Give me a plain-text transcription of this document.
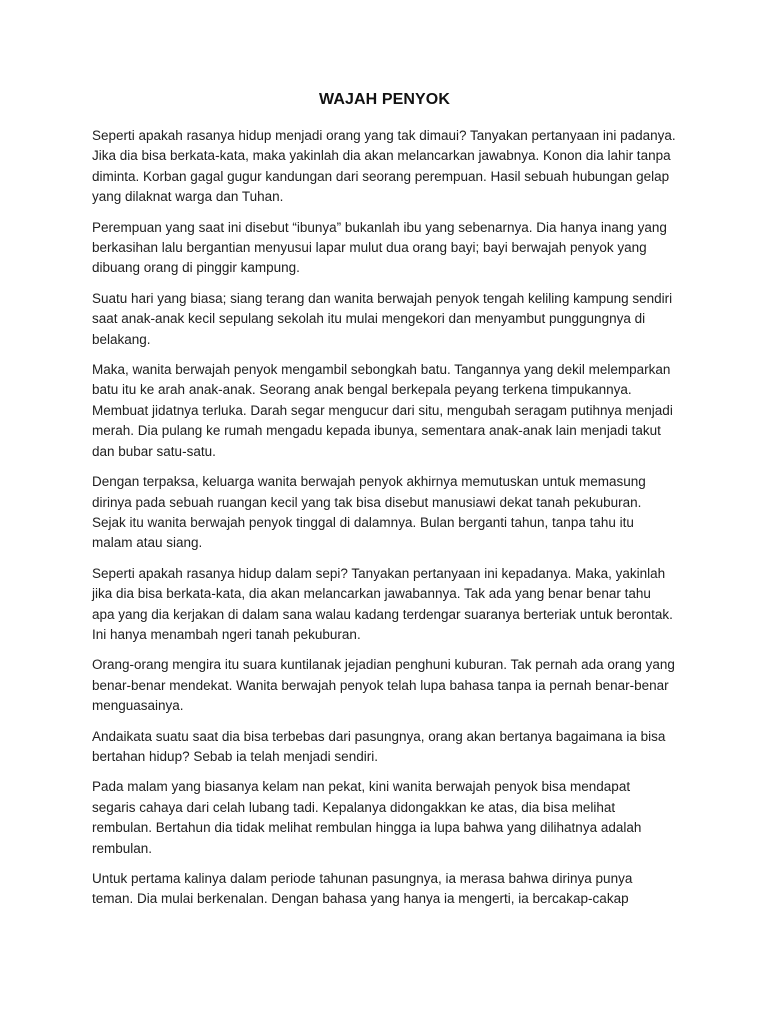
WAJAH PENYOK

Seperti apakah rasanya hidup menjadi orang yang tak dimaui? Tanyakan pertanyaan ini padanya. Jika dia bisa berkata-kata, maka yakinlah dia akan melancarkan jawabnya. Konon dia lahir tanpa diminta. Korban gagal gugur kandungan dari seorang perempuan. Hasil sebuah hubungan gelap yang dilaknat warga dan Tuhan.

Perempuan yang saat ini disebut “ibunya” bukanlah ibu yang sebenarnya. Dia hanya inang yang berkasihan lalu bergantian menyusui lapar mulut dua orang bayi; bayi berwajah penyok yang dibuang orang di pinggir kampung.

Suatu hari yang biasa; siang terang dan wanita berwajah penyok tengah keliling kampung sendiri saat anak-anak kecil sepulang sekolah itu mulai mengekori dan menyambut punggungnya di belakang.

Maka, wanita berwajah penyok mengambil sebongkah batu. Tangannya yang dekil melemparkan batu itu ke arah anak-anak. Seorang anak bengal berkepala peyang terkena timpukannya. Membuat jidatnya terluka. Darah segar mengucur dari situ, mengubah seragam putihnya menjadi merah. Dia pulang ke rumah mengadu kepada ibunya, sementara anak-anak lain menjadi takut dan bubar satu-satu.

Dengan terpaksa, keluarga wanita berwajah penyok akhirnya memutuskan untuk memasung dirinya pada sebuah ruangan kecil yang tak bisa disebut manusiawi dekat tanah pekuburan. Sejak itu wanita berwajah penyok tinggal di dalamnya. Bulan berganti tahun, tanpa tahu itu malam atau siang.

Seperti apakah rasanya hidup dalam sepi? Tanyakan pertanyaan ini kepadanya. Maka, yakinlah jika dia bisa berkata-kata, dia akan melancarkan jawabannya. Tak ada yang benar benar tahu apa yang dia kerjakan di dalam sana walau kadang terdengar suaranya berteriak untuk berontak. Ini hanya menambah ngeri tanah pekuburan.

Orang-orang mengira itu suara kuntilanak jejadian penghuni kuburan. Tak pernah ada orang yang benar-benar mendekat. Wanita berwajah penyok telah lupa bahasa tanpa ia pernah benar-benar menguasainya.

Andaikata suatu saat dia bisa terbebas dari pasungnya, orang akan bertanya bagaimana ia bisa bertahan hidup? Sebab ia telah menjadi sendiri.

Pada malam yang biasanya kelam nan pekat, kini wanita berwajah penyok bisa mendapat segaris cahaya dari celah lubang tadi. Kepalanya didongakkan ke atas, dia bisa melihat rembulan. Bertahun dia tidak melihat rembulan hingga ia lupa bahwa yang dilihatnya adalah rembulan.

Untuk pertama kalinya dalam periode tahunan pasungnya, ia merasa bahwa dirinya punya teman. Dia mulai berkenalan. Dengan bahasa yang hanya ia mengerti, ia bercakap-cakap
